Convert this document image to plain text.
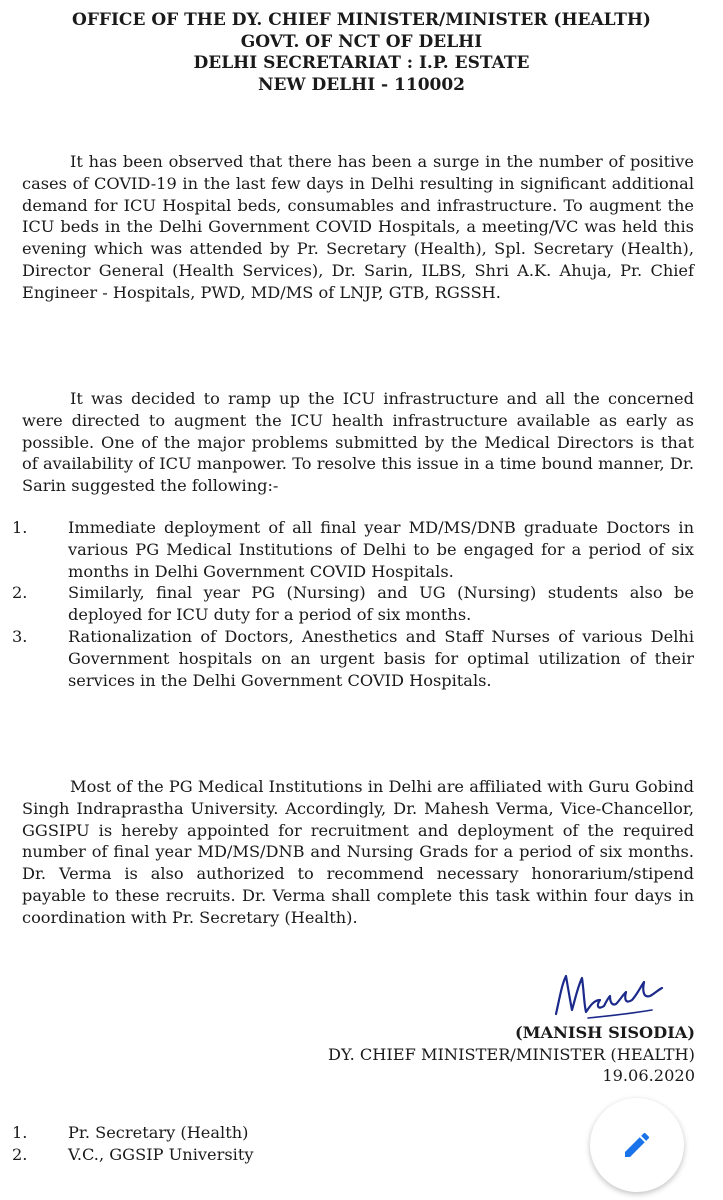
OFFICE OF THE DY. CHIEF MINISTER/MINISTER (HEALTH)
GOVT. OF NCT OF DELHI
DELHI SECRETARIAT : I.P. ESTATE
NEW DELHI - 110002

It has been observed that there has been a surge in the number of positive cases of COVID-19 in the last few days in Delhi resulting in significant additional demand for ICU Hospital beds, consumables and infrastructure. To augment the ICU beds in the Delhi Government COVID Hospitals, a meeting/VC was held this evening which was attended by Pr. Secretary (Health), Spl. Secretary (Health), Director General (Health Services), Dr. Sarin, ILBS, Shri A.K. Ahuja, Pr. Chief Engineer - Hospitals, PWD, MD/MS of LNJP, GTB, RGSSH.

It was decided to ramp up the ICU infrastructure and all the concerned were directed to augment the ICU health infrastructure available as early as possible. One of the major problems submitted by the Medical Directors is that of availability of ICU manpower. To resolve this issue in a time bound manner, Dr. Sarin suggested the following:-

1.	Immediate deployment of all final year MD/MS/DNB graduate Doctors in various PG Medical Institutions of Delhi to be engaged for a period of six months in Delhi Government COVID Hospitals.
2.	Similarly, final year PG (Nursing) and UG (Nursing) students also be deployed for ICU duty for a period of six months.
3.	Rationalization of Doctors, Anesthetics and Staff Nurses of various Delhi Government hospitals on an urgent basis for optimal utilization of their services in the Delhi Government COVID Hospitals.

Most of the PG Medical Institutions in Delhi are affiliated with Guru Gobind Singh Indraprastha University. Accordingly, Dr. Mahesh Verma, Vice-Chancellor, GGSIPU is hereby appointed for recruitment and deployment of the required number of final year MD/MS/DNB and Nursing Grads for a period of six months. Dr. Verma is also authorized to recommend necessary honorarium/stipend payable to these recruits. Dr. Verma shall complete this task within four days in coordination with Pr. Secretary (Health).

(MANISH SISODIA)
DY. CHIEF MINISTER/MINISTER (HEALTH)
19.06.2020
1.	Pr. Secretary (Health)
2.	V.C., GGSIP University
